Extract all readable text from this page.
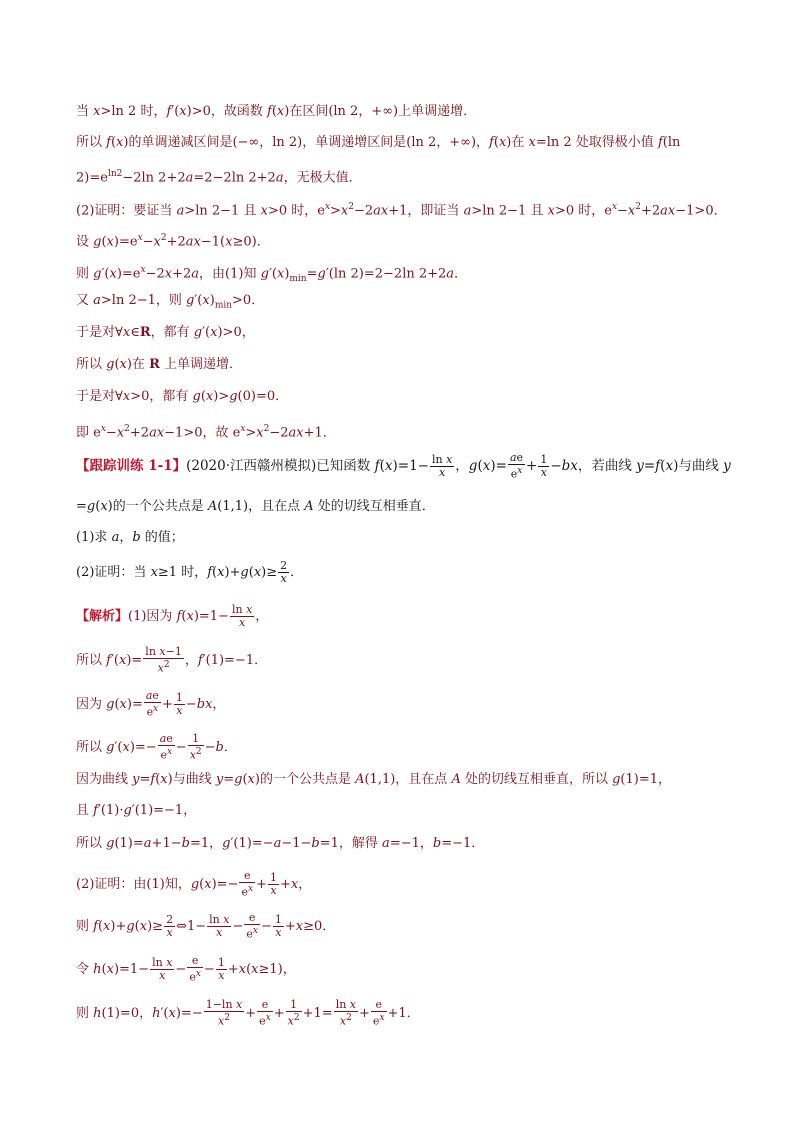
当 x>ln 2 时，f′(x)>0，故函数 f(x)在区间(ln 2，+∞)上单调递增．
所以 f(x)的单调递减区间是(−∞，ln 2)，单调递增区间是(ln 2，+∞)，f(x)在 x=ln 2 处取得极小值 f(ln
$2)=e^{ln2}-2\ln$ 2+2a=2−2ln 2+2a，无极大值．
(2)证明：要证当 a>ln 2−1 且 x>0 时，$e^x>x^2-2ax+1$，即证当 a>ln 2−1 且 x>0 时，$e^x-x^2+2ax-1>0$．
设 $g(x)=e^x-x^2+2ax-1(x\ge 0)$．
则 $g'(x)=e^x-2x+2a$，由(1)知 $g'(x)_{min}=g'(\ln$ 2)=2−2ln 2+2a．
又 a>ln 2−1，则 $g'(x)_{min}>0$．
于是对∀x∈R，都有 g′(x)>0，
所以 g(x)在 R 上单调递增．
于是对∀x>0，都有 g(x)>g(0)=0．
即 $e^x-x^2+2ax-1>0$，故 $e^x>x^2-2ax+1$．
【跟踪训练 1-1】(2020·江西赣州模拟)已知函数 $f(x)=1- \frac{\text{ln x}}{x}$ ，$g(x)= \frac{ae}{e^x} + \frac{1}{x} -bx$，若曲线 y=f(x)与曲线 y
=g(x)的一个公共点是 A(1,1)，且在点 A 处的切线互相垂直．
(1)求 a，b 的值；
(2)证明：当 x≥1 时，$f(x)+g(x)\ge \frac{2}{x}$ ．
【解析】(1)因为 $f(x)=1- \frac{\text{ln x}}{x}$ ，
所以 $f'(x)= \frac{\text{ln x−1}}{x^2}$ ，f′(1)=−1．
因为 $g(x)= \frac{ae}{e^x} + \frac{1}{x} -bx$，
所以 $g'(x)=- \frac{ae}{e^x} - \frac{1}{x^2} -b$．
因为曲线 y=f(x)与曲线 y=g(x)的一个公共点是 A(1,1)，且在点 A 处的切线互相垂直，所以 g(1)=1，
且 f′(1)·g′(1)=−1，
所以 g(1)=a+1−b=1，g′(1)=−a−1−b=1，解得 a=−1，b=−1．
(2)证明：由(1)知，$g(x)=- \frac{e}{e^x} + \frac{1}{x} +x$，
则 $f(x)+g(x)\ge \frac{2}{x}$ ⇔1− $\frac{\text{ln x}}{x} - \frac{e}{e^x} - \frac{1}{x} +x\ge 0$．
令 $h(x)=1- \frac{\text{ln x}}{x} - \frac{e}{e^x} - \frac{1}{x} +x(x\ge 1)$，
则 h(1)=0，$h'(x)=- \frac{\text{1−ln x}}{x^2} + \frac{e}{e^x} + \frac{1}{x^2} +1= \frac{\text{ln x}}{x^2} + \frac{e}{e^x} +1$．
